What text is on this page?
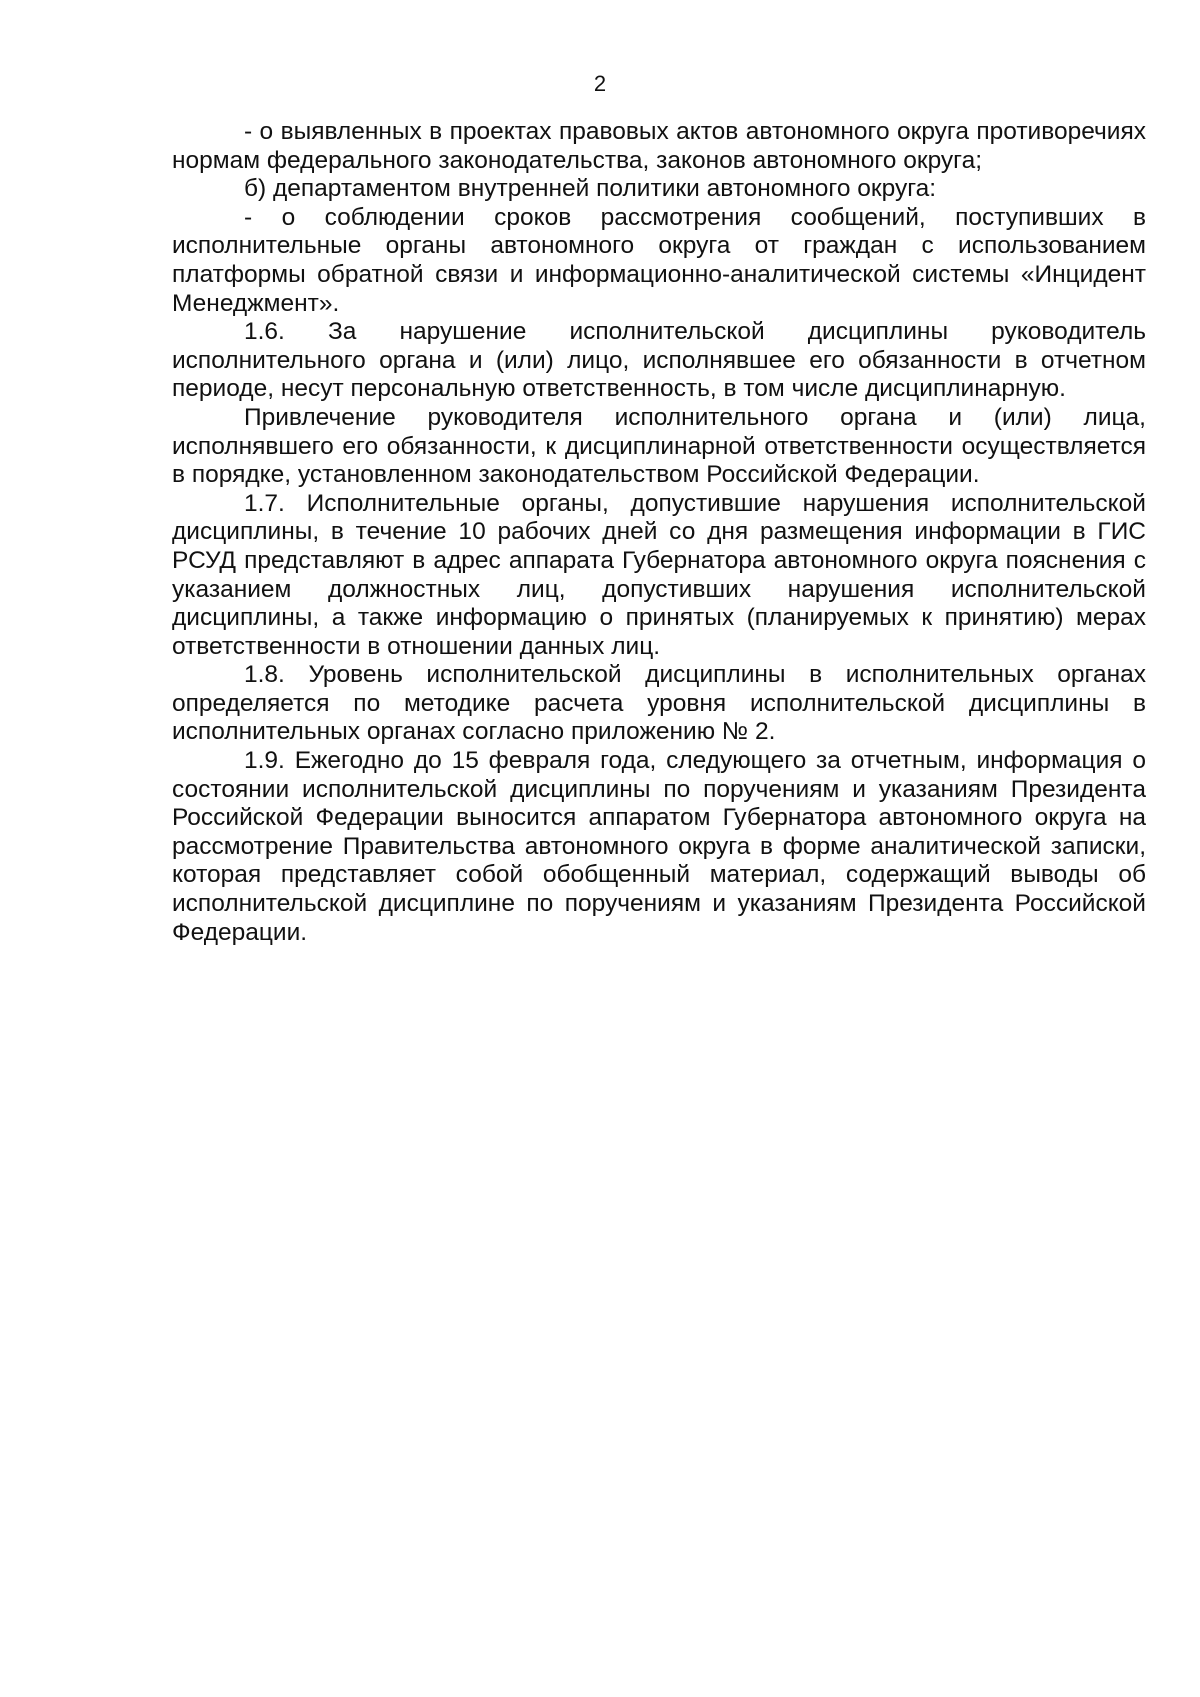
2

- о выявленных в проектах правовых актов автономного округа противоречиях нормам федерального законодательства, законов автономного округа;

б) департаментом внутренней политики автономного округа:

- о соблюдении сроков рассмотрения сообщений, поступивших в исполнительные органы автономного округа от граждан с использованием платформы обратной связи и информационно-аналитической системы «Инцидент Менеджмент».

1.6. За нарушение исполнительской дисциплины руководитель исполнительного органа и (или) лицо, исполнявшее его обязанности в отчетном периоде, несут персональную ответственность, в том числе дисциплинарную.

Привлечение руководителя исполнительного органа и (или) лица, исполнявшего его обязанности, к дисциплинарной ответственности осуществляется в порядке, установленном законодательством Российской Федерации.

1.7. Исполнительные органы, допустившие нарушения исполнительской дисциплины, в течение 10 рабочих дней со дня размещения информации в ГИС РСУД представляют в адрес аппарата Губернатора автономного округа пояснения с указанием должностных лиц, допустивших нарушения исполнительской дисциплины, а также информацию о принятых (планируемых к принятию) мерах ответственности в отношении данных лиц.

1.8. Уровень исполнительской дисциплины в исполнительных органах определяется по методике расчета уровня исполнительской дисциплины в исполнительных органах согласно приложению № 2.

1.9. Ежегодно до 15 февраля года, следующего за отчетным, информация о состоянии исполнительской дисциплины по поручениям и указаниям Президента Российской Федерации выносится аппаратом Губернатора автономного округа на рассмотрение Правительства автономного округа в форме аналитической записки, которая представляет собой обобщенный материал, содержащий выводы об исполнительской дисциплине по поручениям и указаниям Президента Российской Федерации.
